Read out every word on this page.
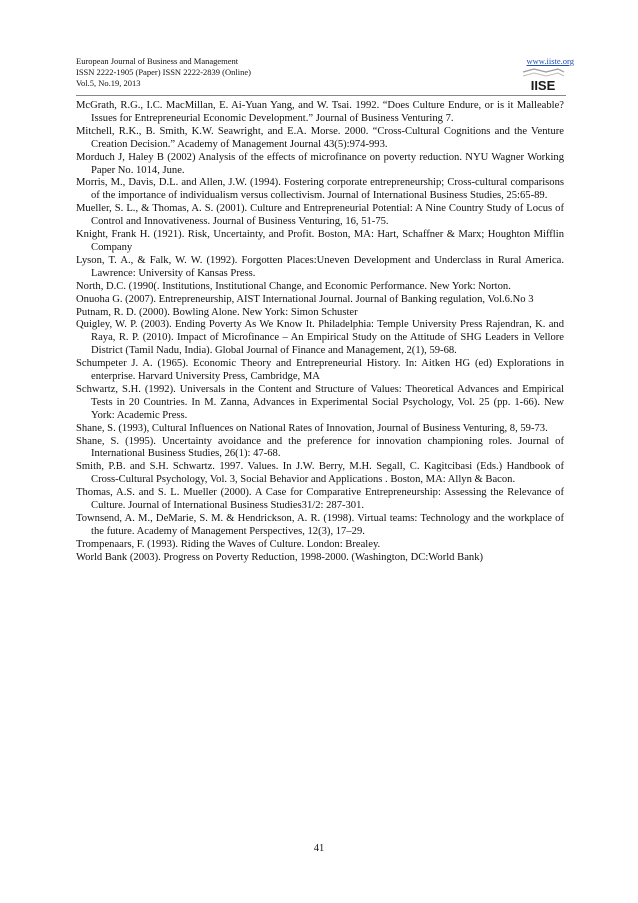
European Journal of Business and Management
ISSN 2222-1905 (Paper) ISSN 2222-2839 (Online)
Vol.5, No.19, 2013
www.iiste.org
IISE

McGrath, R.G., I.C. MacMillan, E. Ai-Yuan Yang, and W. Tsai. 1992. “Does Culture Endure, or is it Malleable? Issues for Entrepreneurial Economic Development.” Journal of Business Venturing 7.

Mitchell, R.K., B. Smith, K.W. Seawright, and E.A. Morse. 2000. “Cross-Cultural Cognitions and the Venture Creation Decision.” Academy of Management Journal 43(5):974-993.

Morduch J, Haley B (2002) Analysis of the effects of microfinance on poverty reduction. NYU Wagner Working Paper No. 1014, June.

Morris, M., Davis, D.L. and Allen, J.W. (1994). Fostering corporate entrepreneurship; Cross-cultural comparisons of the importance of individualism versus collectivism. Journal of International Business Studies, 25:65-89.

Mueller, S. L., & Thomas, A. S. (2001). Culture and Entrepreneurial Potential: A Nine Country Study of Locus of Control and Innovativeness. Journal of Business Venturing, 16, 51-75.

Knight, Frank H. (1921). Risk, Uncertainty, and Profit. Boston, MA: Hart, Schaffner & Marx; Houghton Mifflin Company

Lyson, T. A., & Falk, W. W. (1992). Forgotten Places:Uneven Development and Underclass in Rural America. Lawrence: University of Kansas Press.

North, D.C. (1990(. Institutions, Institutional Change, and Economic Performance. New York: Norton.

Onuoha G. (2007). Entrepreneurship, AIST International Journal. Journal of Banking regulation, Vol.6.No 3

Putnam, R. D. (2000). Bowling Alone. New York: Simon Schuster

Quigley, W. P. (2003). Ending Poverty As We Know It. Philadelphia: Temple University Press Rajendran, K. and Raya, R. P. (2010). Impact of Microfinance – An Empirical Study on the Attitude of SHG Leaders in Vellore District (Tamil Nadu, India). Global Journal of Finance and Management, 2(1), 59-68.

Schumpeter J. A. (1965). Economic Theory and Entrepreneurial History. In: Aitken HG (ed) Explorations in enterprise. Harvard University Press, Cambridge, MA

Schwartz, S.H. (1992). Universals in the Content and Structure of Values: Theoretical Advances and Empirical Tests in 20 Countries. In M. Zanna, Advances in Experimental Social Psychology, Vol. 25 (pp. 1-66). New York: Academic Press.

Shane, S. (1993), Cultural Influences on National Rates of Innovation, Journal of Business Venturing, 8, 59-73.

Shane, S. (1995). Uncertainty avoidance and the preference for innovation championing roles. Journal of International Business Studies, 26(1): 47-68.

Smith, P.B. and S.H. Schwartz. 1997. Values. In J.W. Berry, M.H. Segall, C. Kagitcibasi (Eds.) Handbook of Cross-Cultural Psychology, Vol. 3, Social Behavior and Applications . Boston, MA: Allyn & Bacon.

Thomas, A.S. and S. L. Mueller (2000). A Case for Comparative Entrepreneurship: Assessing the Relevance of Culture. Journal of International Business Studies31/2: 287-301.

Townsend, A. M., DeMarie, S. M. & Hendrickson, A. R. (1998). Virtual teams: Technology and the workplace of the future. Academy of Management Perspectives, 12(3), 17–29.

Trompenaars, F. (1993). Riding the Waves of Culture. London: Brealey.

World Bank (2003). Progress on Poverty Reduction, 1998-2000. (Washington, DC:World Bank)

41
